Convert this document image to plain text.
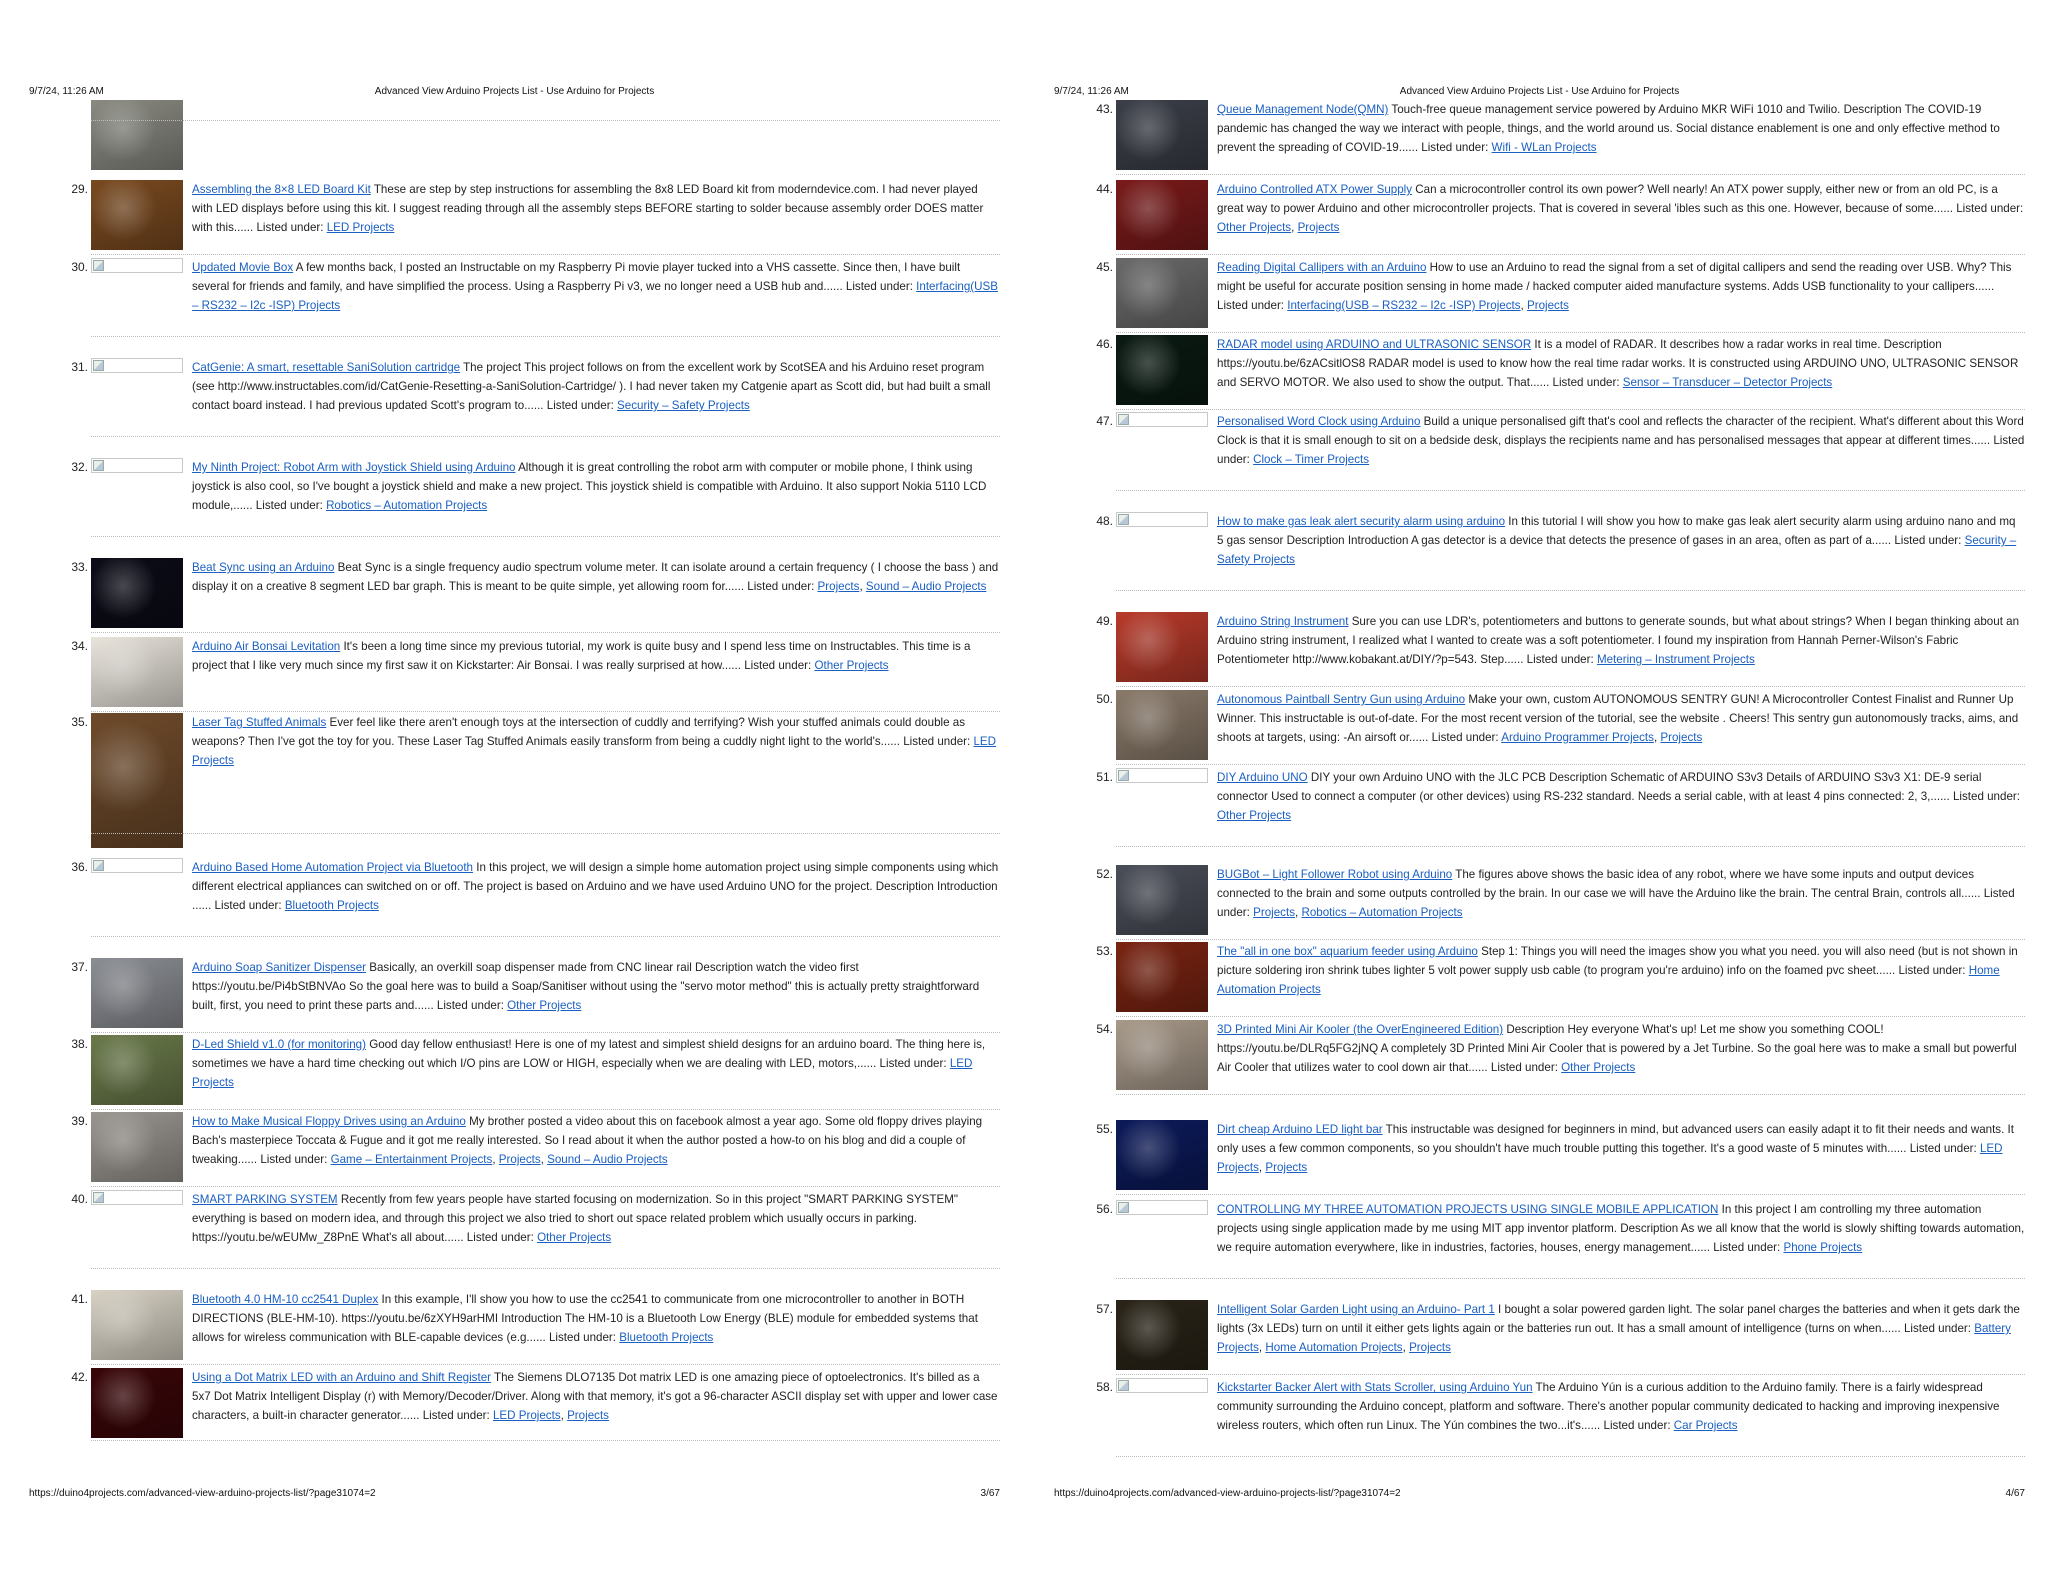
9/7/24, 11:26 AM	Advanced View Arduino Projects List - Use Arduino for Projects
29.	Assembling the 8×8 LED Board Kit These are step by step instructions for assembling the 8x8 LED Board kit from moderndevice.com. I had never played with LED displays before using this kit. I suggest reading through all the assembly steps BEFORE starting to solder because assembly order DOES matter with this...... Listed under: LED Projects
30.	Updated Movie Box A few months back, I posted an Instructable on my Raspberry Pi movie player tucked into a VHS cassette. Since then, I have built several for friends and family, and have simplified the process. Using a Raspberry Pi v3, we no longer need a USB hub and...... Listed under: Interfacing(USB – RS232 – I2c -ISP) Projects
31.	CatGenie: A smart, resettable SaniSolution cartridge The project This project follows on from the excellent work by ScotSEA and his Arduino reset program (see http://www.instructables.com/id/CatGenie-Resetting-a-SaniSolution-Cartridge/ ). I had never taken my Catgenie apart as Scott did, but had built a small contact board instead. I had previous updated Scott's program to...... Listed under: Security – Safety Projects
32.	My Ninth Project: Robot Arm with Joystick Shield using Arduino Although it is great controlling the robot arm with computer or mobile phone, I think using joystick is also cool, so I've bought a joystick shield and make a new project. This joystick shield is compatible with Arduino. It also support Nokia 5110 LCD module,...... Listed under: Robotics – Automation Projects
33.	Beat Sync using an Arduino Beat Sync is a single frequency audio spectrum volume meter. It can isolate around a certain frequency ( I choose the bass ) and display it on a creative 8 segment LED bar graph. This is meant to be quite simple, yet allowing room for...... Listed under: Projects, Sound – Audio Projects
34.	Arduino Air Bonsai Levitation It's been a long time since my previous tutorial, my work is quite busy and I spend less time on Instructables. This time is a project that I like very much since my first saw it on Kickstarter: Air Bonsai. I was really surprised at how...... Listed under: Other Projects
35.	Laser Tag Stuffed Animals Ever feel like there aren't enough toys at the intersection of cuddly and terrifying? Wish your stuffed animals could double as weapons? Then I've got the toy for you. These Laser Tag Stuffed Animals easily transform from being a cuddly night light to the world's...... Listed under: LED Projects
36.	Arduino Based Home Automation Project via Bluetooth In this project, we will design a simple home automation project using simple components using which different electrical appliances can switched on or off. The project is based on Arduino and we have used Arduino UNO for the project. Description Introduction ...... Listed under: Bluetooth Projects
37.	Arduino Soap Sanitizer Dispenser Basically, an overkill soap dispenser made from CNC linear rail Description watch the video first https://youtu.be/Pi4bStBNVAo So the goal here was to build a Soap/Sanitiser without using the "servo motor method" this is actually pretty straightforward built, first, you need to print these parts and...... Listed under: Other Projects
38.	D-Led Shield v1.0 (for monitoring) Good day fellow enthusiast! Here is one of my latest and simplest shield designs for an arduino board. The thing here is, sometimes we have a hard time checking out which I/O pins are LOW or HIGH, especially when we are dealing with LED, motors,...... Listed under: LED Projects
39.	How to Make Musical Floppy Drives using an Arduino My brother posted a video about this on facebook almost a year ago. Some old floppy drives playing Bach's masterpiece Toccata & Fugue and it got me really interested. So I read about it when the author posted a how-to on his blog and did a couple of tweaking...... Listed under: Game – Entertainment Projects, Projects, Sound – Audio Projects
40.	SMART PARKING SYSTEM Recently from few years people have started focusing on modernization. So in this project "SMART PARKING SYSTEM" everything is based on modern idea, and through this project we also tried to short out space related problem which usually occurs in parking. https://youtu.be/wEUMw_Z8PnE What's all about...... Listed under: Other Projects
41.	Bluetooth 4.0 HM-10 cc2541 Duplex In this example, I'll show you how to use the cc2541 to communicate from one microcontroller to another in BOTH DIRECTIONS (BLE-HM-10). https://youtu.be/6zXYH9arHMI Introduction The HM-10 is a Bluetooth Low Energy (BLE) module for embedded systems that allows for wireless communication with BLE-capable devices (e.g...... Listed under: Bluetooth Projects
42.	Using a Dot Matrix LED with an Arduino and Shift Register The Siemens DLO7135 Dot matrix LED is one amazing piece of optoelectronics. It's billed as a 5x7 Dot Matrix Intelligent Display (r) with Memory/Decoder/Driver. Along with that memory, it's got a 96-character ASCII display set with upper and lower case characters, a built-in character generator...... Listed under: LED Projects, Projects
https://duino4projects.com/advanced-view-arduino-projects-list/?page31074=2	3/67
9/7/24, 11:26 AM	Advanced View Arduino Projects List - Use Arduino for Projects
43.	Queue Management Node(QMN) Touch-free queue management service powered by Arduino MKR WiFi 1010 and Twilio. Description The COVID-19 pandemic has changed the way we interact with people, things, and the world around us. Social distance enablement is one and only effective method to prevent the spreading of COVID-19...... Listed under: Wifi - WLan Projects
44.	Arduino Controlled ATX Power Supply Can a microcontroller control its own power? Well nearly! An ATX power supply, either new or from an old PC, is a great way to power Arduino and other microcontroller projects. That is covered in several 'ibles such as this one. However, because of some...... Listed under: Other Projects, Projects
45.	Reading Digital Callipers with an Arduino How to use an Arduino to read the signal from a set of digital callipers and send the reading over USB. Why? This might be useful for accurate position sensing in home made / hacked computer aided manufacture systems. Adds USB functionality to your callipers...... Listed under: Interfacing(USB – RS232 – I2c -ISP) Projects, Projects
46.	RADAR model using ARDUINO and ULTRASONIC SENSOR It is a model of RADAR. It describes how a radar works in real time. Description https://youtu.be/6zACsitlOS8 RADAR model is used to know how the real time radar works. It is constructed using ARDUINO UNO, ULTRASONIC SENSOR and SERVO MOTOR. We also used to show the output. That...... Listed under: Sensor – Transducer – Detector Projects
47.	Personalised Word Clock using Arduino Build a unique personalised gift that's cool and reflects the character of the recipient. What's different about this Word Clock is that it is small enough to sit on a bedside desk, displays the recipients name and has personalised messages that appear at different times...... Listed under: Clock – Timer Projects
48.	How to make gas leak alert security alarm using arduino In this tutorial I will show you how to make gas leak alert security alarm using arduino nano and mq 5 gas sensor Description Introduction A gas detector is a device that detects the presence of gases in an area, often as part of a...... Listed under: Security – Safety Projects
49.	Arduino String Instrument Sure you can use LDR's, potentiometers and buttons to generate sounds, but what about strings? When I began thinking about an Arduino string instrument, I realized what I wanted to create was a soft potentiometer. I found my inspiration from Hannah Perner-Wilson's Fabric Potentiometer http://www.kobakant.at/DIY/?p=543. Step...... Listed under: Metering – Instrument Projects
50.	Autonomous Paintball Sentry Gun using Arduino Make your own, custom AUTONOMOUS SENTRY GUN! A Microcontroller Contest Finalist and Runner Up Winner. This instructable is out-of-date. For the most recent version of the tutorial, see the website . Cheers! This sentry gun autonomously tracks, aims, and shoots at targets, using: -An airsoft or...... Listed under: Arduino Programmer Projects, Projects
51.	DIY Arduino UNO DIY your own Arduino UNO with the JLC PCB Description Schematic of ARDUINO S3v3 Details of ARDUINO S3v3 X1: DE-9 serial connector Used to connect a computer (or other devices) using RS-232 standard. Needs a serial cable, with at least 4 pins connected: 2, 3,...... Listed under: Other Projects
52.	BUGBot – Light Follower Robot using Arduino The figures above shows the basic idea of any robot, where we have some inputs and output devices connected to the brain and some outputs controlled by the brain. In our case we will have the Arduino like the brain. The central Brain, controls all...... Listed under: Projects, Robotics – Automation Projects
53.	The "all in one box" aquarium feeder using Arduino Step 1: Things you will need the images show you what you need. you will also need (but is not shown in picture soldering iron shrink tubes lighter 5 volt power supply usb cable (to program you're arduino) info on the foamed pvc sheet...... Listed under: Home Automation Projects
54.	3D Printed Mini Air Kooler (the OverEngineered Edition) Description Hey everyone What's up! Let me show you something COOL! https://youtu.be/DLRq5FG2jNQ A completely 3D Printed Mini Air Cooler that is powered by a Jet Turbine. So the goal here was to make a small but powerful Air Cooler that utilizes water to cool down air that...... Listed under: Other Projects
55.	Dirt cheap Arduino LED light bar This instructable was designed for beginners in mind, but advanced users can easily adapt it to fit their needs and wants. It only uses a few common components, so you shouldn't have much trouble putting this together. It's a good waste of 5 minutes with...... Listed under: LED Projects, Projects
56.	CONTROLLING MY THREE AUTOMATION PROJECTS USING SINGLE MOBILE APPLICATION In this project I am controlling my three automation projects using single application made by me using MIT app inventor platform. Description As we all know that the world is slowly shifting towards automation, we require automation everywhere, like in industries, factories, houses, energy management...... Listed under: Phone Projects
57.	Intelligent Solar Garden Light using an Arduino- Part 1 I bought a solar powered garden light. The solar panel charges the batteries and when it gets dark the lights (3x LEDs) turn on until it either gets lights again or the batteries run out. It has a small amount of intelligence (turns on when...... Listed under: Battery Projects, Home Automation Projects, Projects
58.	Kickstarter Backer Alert with Stats Scroller, using Arduino Yun The Arduino Yún is a curious addition to the Arduino family. There is a fairly widespread community surrounding the Arduino concept, platform and software. There's another popular community dedicated to hacking and improving inexpensive wireless routers, which often run Linux. The Yún combines the two...it's...... Listed under: Car Projects
https://duino4projects.com/advanced-view-arduino-projects-list/?page31074=2	4/67
